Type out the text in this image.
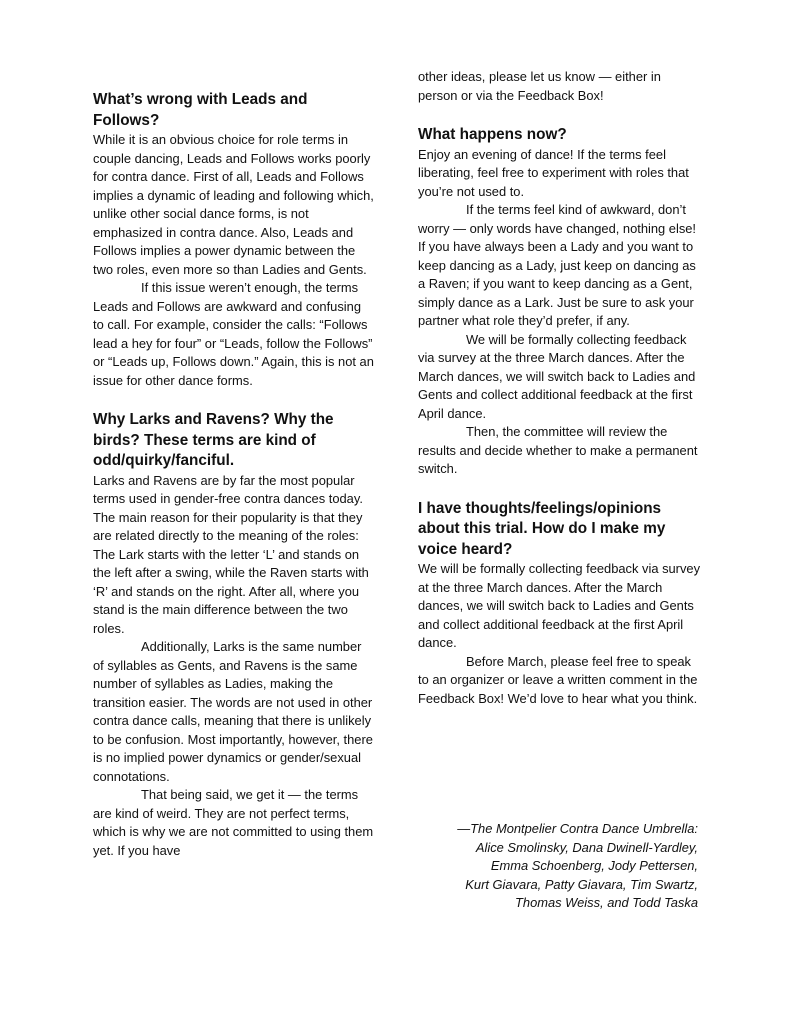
What’s wrong with Leads and Follows?

While it is an obvious choice for role terms in couple dancing, Leads and Follows works poorly for contra dance. First of all, Leads and Follows implies a dynamic of leading and following which, unlike other social dance forms, is not emphasized in contra dance. Also, Leads and Follows implies a power dynamic between the two roles, even more so than Ladies and Gents.

If this issue weren’t enough, the terms Leads and Follows are awkward and confusing to call. For example, consider the calls: “Follows lead a hey for four” or “Leads, follow the Follows” or “Leads up, Follows down.” Again, this is not an issue for other dance forms.

Why Larks and Ravens? Why the birds? These terms are kind of odd/quirky/fanciful.

Larks and Ravens are by far the most popular terms used in gender-free contra dances today. The main reason for their popularity is that they are related directly to the meaning of the roles: The Lark starts with the letter ‘L’ and stands on the left after a swing, while the Raven starts with ‘R’ and stands on the right. After all, where you stand is the main difference between the two roles.

Additionally, Larks is the same number of syllables as Gents, and Ravens is the same number of syllables as Ladies, making the transition easier. The words are not used in other contra dance calls, meaning that there is unlikely to be confusion. Most importantly, however, there is no implied power dynamics or gender/sexual connotations.

That being said, we get it — the terms are kind of weird. They are not perfect terms, which is why we are not committed to using them yet. If you have

other ideas, please let us know — either in person or via the Feedback Box!

What happens now?

Enjoy an evening of dance! If the terms feel liberating, feel free to experiment with roles that you’re not used to.

If the terms feel kind of awkward, don’t worry — only words have changed, nothing else! If you have always been a Lady and you want to keep dancing as a Lady, just keep on dancing as a Raven; if you want to keep dancing as a Gent, simply dance as a Lark. Just be sure to ask your partner what role they’d prefer, if any.

We will be formally collecting feedback via survey at the three March dances. After the March dances, we will switch back to Ladies and Gents and collect additional feedback at the first April dance.

Then, the committee will review the results and decide whether to make a permanent switch.

I have thoughts/feelings/opinions about this trial. How do I make my voice heard?

We will be formally collecting feedback via survey at the three March dances. After the March dances, we will switch back to Ladies and Gents and collect additional feedback at the first April dance.

Before March, please feel free to speak to an organizer or leave a written comment in the Feedback Box! We’d love to hear what you think.

—The Montpelier Contra Dance Umbrella:
Alice Smolinsky, Dana Dwinell-Yardley,
Emma Schoenberg, Jody Pettersen,
Kurt Giavara, Patty Giavara, Tim Swartz,
Thomas Weiss, and Todd Taska
